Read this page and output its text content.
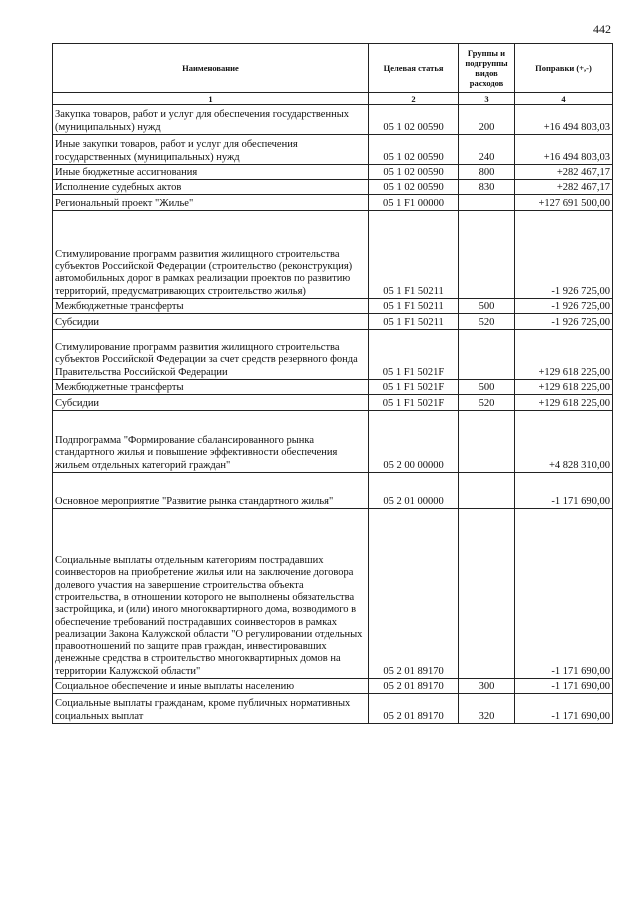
442
Наименование	Целевая статья	Группы и подгруппы видов расходов	Поправки (+,-)
1	2	3	4
Закупка товаров, работ и услуг для обеспечения государственных (муниципальных) нужд	05 1 02 00590	200	+16 494 803,03
Иные закупки товаров, работ и услуг для обеспечения государственных (муниципальных) нужд	05 1 02 00590	240	+16 494 803,03
Иные бюджетные ассигнования	05 1 02 00590	800	+282 467,17
Исполнение судебных актов	05 1 02 00590	830	+282 467,17
Региональный проект "Жилье"	05 1 F1 00000		+127 691 500,00
Стимулирование программ развития жилищного строительства субъектов Российской Федерации (строительство (реконструкция) автомобильных дорог в рамках реализации проектов по развитию территорий, предусматривающих строительство жилья)	05 1 F1 50211		-1 926 725,00
Межбюджетные трансферты	05 1 F1 50211	500	-1 926 725,00
Субсидии	05 1 F1 50211	520	-1 926 725,00
Стимулирование программ развития жилищного строительства субъектов Российской Федерации за счет средств резервного фонда Правительства Российской Федерации	05 1 F1 5021F		+129 618 225,00
Межбюджетные трансферты	05 1 F1 5021F	500	+129 618 225,00
Субсидии	05 1 F1 5021F	520	+129 618 225,00
Подпрограмма "Формирование сбалансированного рынка стандартного жилья и повышение эффективности обеспечения жильем отдельных категорий граждан"	05 2 00 00000		+4 828 310,00
Основное мероприятие "Развитие рынка стандартного жилья"	05 2 01 00000		-1 171 690,00
Социальные выплаты отдельным категориям пострадавших соинвесторов на приобретение жилья или на заключение договора долевого участия на завершение строительства объекта строительства, в отношении которого не выполнены обязательства застройщика, и (или) иного многоквартирного дома, возводимого в обеспечение требований пострадавших соинвесторов в рамках реализации Закона Калужской области "О регулировании отдельных правоотношений по защите прав граждан, инвестировавших денежные средства в строительство многоквартирных домов на территории Калужской области"	05 2 01 89170		-1 171 690,00
Социальное обеспечение и иные выплаты населению	05 2 01 89170	300	-1 171 690,00
Социальные выплаты гражданам, кроме публичных нормативных социальных выплат	05 2 01 89170	320	-1 171 690,00
